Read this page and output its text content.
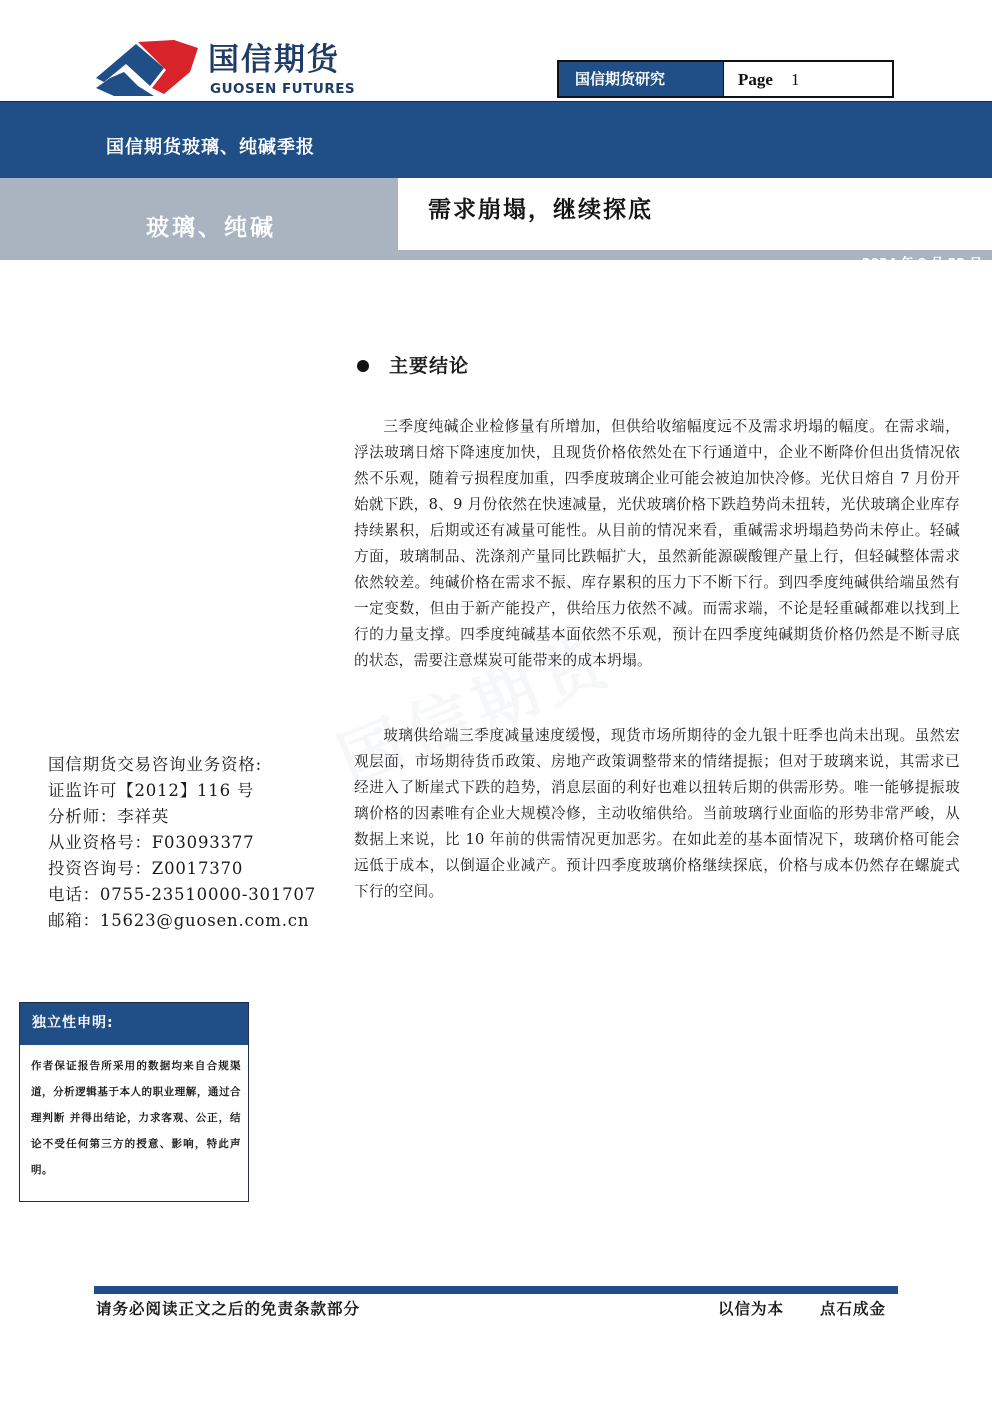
国信期货
GUOSEN FUTURES
国信期货研究	Page 1
国信期货玻璃、纯碱季报
玻璃、纯碱
需求崩塌，继续探底
2024 年 9 月 22 日
主要结论

三季度纯碱企业检修量有所增加，但供给收缩幅度远不及需求坍塌的幅度。在需求端，浮法玻璃日熔下降速度加快，且现货价格依然处在下行通道中，企业不断降价但出货情况依然不乐观，随着亏损程度加重，四季度玻璃企业可能会被迫加快冷修。光伏日熔自 7 月份开始就下跌，8、9 月份依然在快速减量，光伏玻璃价格下跌趋势尚未扭转，光伏玻璃企业库存持续累积，后期或还有减量可能性。从目前的情况来看，重碱需求坍塌趋势尚未停止。轻碱方面，玻璃制品、洗涤剂产量同比跌幅扩大，虽然新能源碳酸锂产量上行，但轻碱整体需求依然较差。纯碱价格在需求不振、库存累积的压力下不断下行。到四季度纯碱供给端虽然有一定变数，但由于新产能投产，供给压力依然不减。而需求端，不论是轻重碱都难以找到上行的力量支撑。四季度纯碱基本面依然不乐观，预计在四季度纯碱期货价格仍然是不断寻底的状态，需要注意煤炭可能带来的成本坍塌。

玻璃供给端三季度减量速度缓慢，现货市场所期待的金九银十旺季也尚未出现。虽然宏观层面，市场期待货币政策、房地产政策调整带来的情绪提振；但对于玻璃来说，其需求已经进入了断崖式下跌的趋势，消息层面的利好也难以扭转后期的供需形势。唯一能够提振玻璃价格的因素唯有企业大规模冷修，主动收缩供给。当前玻璃行业面临的形势非常严峻，从数据上来说，比 10 年前的供需情况更加恶劣。在如此差的基本面情况下，玻璃价格可能会远低于成本，以倒逼企业减产。预计四季度玻璃价格继续探底，价格与成本仍然存在螺旋式下行的空间。

国信期货交易咨询业务资格:
证监许可【2012】116 号
分析师：李祥英
从业资格号：F03093377
投资咨询号：Z0017370
电话：0755-23510000-301707
邮箱：15623@guosen.com.cn
独立性申明:
作者保证报告所采用的数据均来自合规渠道，分析逻辑基于本人的职业理解，通过合理判断 并得出结论，力求客观、公正，结论不受任何第三方的授意、影响，特此声明。
请务必阅读正文之后的免责条款部分	以信为本 点石成金
